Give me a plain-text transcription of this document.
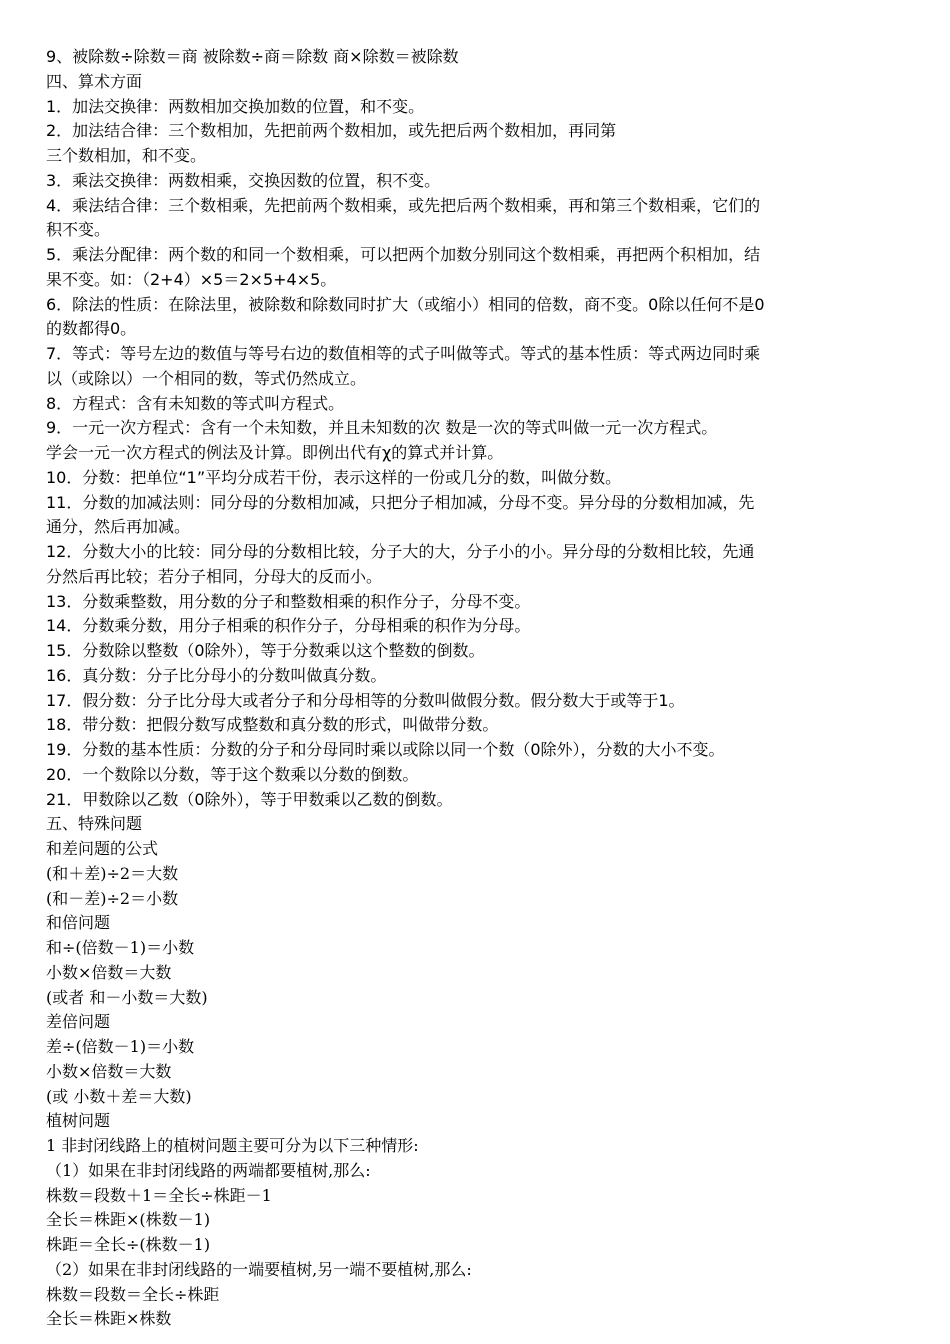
9、被除数÷除数＝商 被除数÷商＝除数 商×除数＝被除数
四、算术方面
1．加法交换律：两数相加交换加数的位置，和不变。
2．加法结合律：三个数相加，先把前两个数相加，或先把后两个数相加，再同第
三个数相加，和不变。
3．乘法交换律：两数相乘，交换因数的位置，积不变。
4．乘法结合律：三个数相乘，先把前两个数相乘，或先把后两个数相乘，再和第三个数相乘，它们的
积不变。
5．乘法分配律：两个数的和同一个数相乘，可以把两个加数分别同这个数相乘，再把两个积相加，结
果不变。如：（2+4）×5＝2×5+4×5。
6．除法的性质：在除法里，被除数和除数同时扩大（或缩小）相同的倍数，商不变。0除以任何不是0
的数都得0。
7．等式：等号左边的数值与等号右边的数值相等的式子叫做等式。等式的基本性质：等式两边同时乘
以（或除以）一个相同的数，等式仍然成立。
8．方程式：含有未知数的等式叫方程式。
9．一元一次方程式：含有一个未知数，并且未知数的次 数是一次的等式叫做一元一次方程式。
学会一元一次方程式的例法及计算。即例出代有χ的算式并计算。
10．分数：把单位“1”平均分成若干份，表示这样的一份或几分的数，叫做分数。
11．分数的加减法则：同分母的分数相加减，只把分子相加减，分母不变。异分母的分数相加减，先
通分，然后再加减。
12．分数大小的比较：同分母的分数相比较，分子大的大，分子小的小。异分母的分数相比较，先通
分然后再比较；若分子相同，分母大的反而小。
13．分数乘整数，用分数的分子和整数相乘的积作分子，分母不变。
14．分数乘分数，用分子相乘的积作分子，分母相乘的积作为分母。
15．分数除以整数（0除外），等于分数乘以这个整数的倒数。
16．真分数：分子比分母小的分数叫做真分数。
17．假分数：分子比分母大或者分子和分母相等的分数叫做假分数。假分数大于或等于1。
18．带分数：把假分数写成整数和真分数的形式，叫做带分数。
19．分数的基本性质：分数的分子和分母同时乘以或除以同一个数（0除外），分数的大小不变。
20．一个数除以分数，等于这个数乘以分数的倒数。
21．甲数除以乙数（0除外），等于甲数乘以乙数的倒数。
五、特殊问题
和差问题的公式
(和＋差)÷2＝大数
(和－差)÷2＝小数
和倍问题
和÷(倍数－1)＝小数
小数×倍数＝大数
(或者 和－小数＝大数)
差倍问题
差÷(倍数－1)＝小数
小数×倍数＝大数
(或 小数＋差＝大数)
植树问题
1 非封闭线路上的植树问题主要可分为以下三种情形:
（1）如果在非封闭线路的两端都要植树,那么:
株数＝段数＋1＝全长÷株距－1
全长＝株距×(株数－1)
株距＝全长÷(株数－1)
（2）如果在非封闭线路的一端要植树,另一端不要植树,那么:
株数＝段数＝全长÷株距
全长＝株距×株数
